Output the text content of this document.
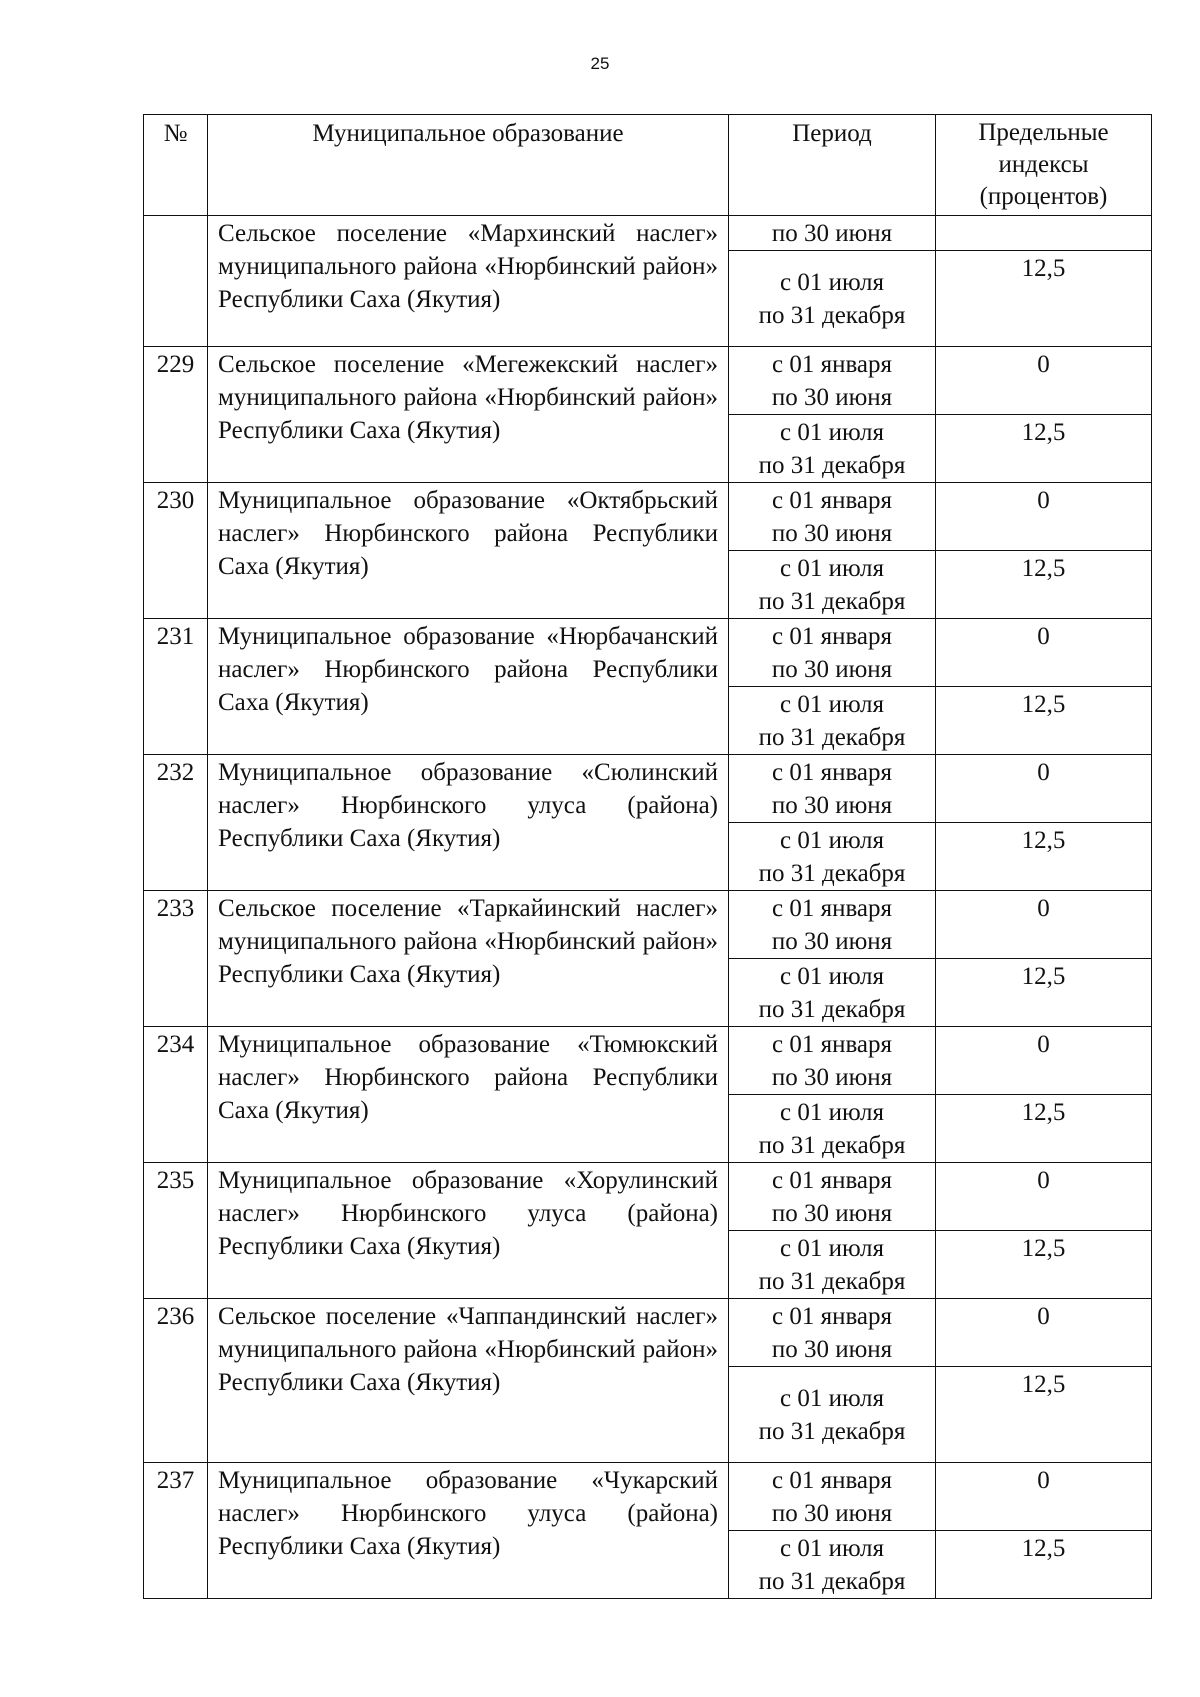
25
№	Муниципальное образование	Период	Предельные
индексы
(процентов)

	Сельское поселение «Мархинский наслег» муниципального района «Нюрбинский район» Республики Саха (Якутия)	по 30 июня	

		с 01 июля
по 31 декабря	12,5
229	Сельское поселение «Мегежекский наслег» муниципального района «Нюрбинский район» Республики Саха (Якутия)	с 01 января
по 30 июня	0

		с 01 июля
по 31 декабря	12,5
230	Муниципальное образование «Октябрьский наслег» Нюрбинского района Республики Саха (Якутия)	с 01 января
по 30 июня	0

		с 01 июля
по 31 декабря	12,5
231	Муниципальное образование «Нюрбачанский наслег» Нюрбинского района Республики Саха (Якутия)	с 01 января
по 30 июня	0

		с 01 июля
по 31 декабря	12,5
232	Муниципальное образование «Сюлинский наслег» Нюрбинского улуса (района) Республики Саха (Якутия)	с 01 января
по 30 июня	0

		с 01 июля
по 31 декабря	12,5
233	Сельское поселение «Таркайинский наслег» муниципального района «Нюрбинский район» Республики Саха (Якутия)	с 01 января
по 30 июня	0

		с 01 июля
по 31 декабря	12,5
234	Муниципальное образование «Тюмюкский наслег» Нюрбинского района Республики Саха (Якутия)	с 01 января
по 30 июня	0

		с 01 июля
по 31 декабря	12,5
235	Муниципальное образование «Хорулинский наслег» Нюрбинского улуса (района) Республики Саха (Якутия)	с 01 января
по 30 июня	0

		с 01 июля
по 31 декабря	12,5
236	Сельское поселение «Чаппандинский наслег» муниципального района «Нюрбинский район» Республики Саха (Якутия)	с 01 января
по 30 июня	0

		с 01 июля
по 31 декабря	12,5
237	Муниципальное образование «Чукарский наслег» Нюрбинского улуса (района) Республики Саха (Якутия)	с 01 января
по 30 июня	0

		с 01 июля
по 31 декабря	12,5
